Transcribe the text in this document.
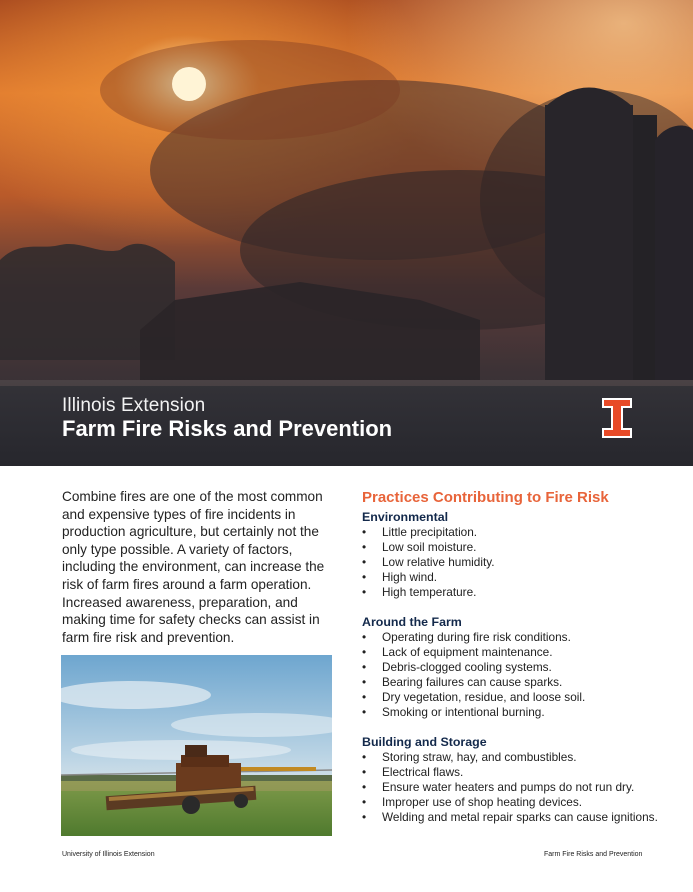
Illinois Extension
Farm Fire Risks and Prevention

Combine fires are one of the most common and expensive types of fire incidents in production agriculture, but certainly not the only type possible. A variety of factors, including the environment, can increase the risk of farm fires around a farm operation. Increased awareness, preparation, and making time for safety checks can assist in farm fire risk and prevention.

Practices Contributing to Fire Risk
Environmental
• Little precipitation.
• Low soil moisture.
• Low relative humidity.
• High wind.
• High temperature.
Around the Farm
• Operating during fire risk conditions.
• Lack of equipment maintenance.
• Debris-clogged cooling systems.
• Bearing failures can cause sparks.
• Dry vegetation, residue, and loose soil.
• Smoking or intentional burning.
Building and Storage
• Storing straw, hay, and combustibles.
• Electrical flaws.
• Ensure water heaters and pumps do not run dry.
• Improper use of shop heating devices.
• Welding and metal repair sparks can cause ignitions.
University of Illinois Extension	Farm Fire Risks and Prevention
